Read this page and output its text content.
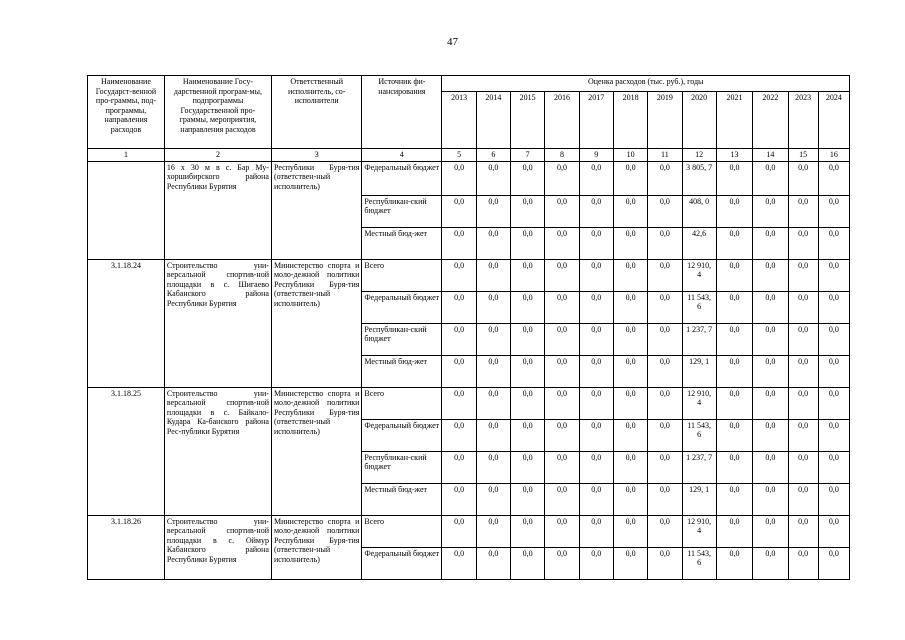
47
Наименование Государст-венной про-граммы, под-программы, направления расходов	Наименование Госу-дарственной програм-мы, подпрограммы Государственной про-граммы, мероприятия, направления расходов	Ответственный исполнитель, со-исполнители	Источник фи-нансирования	Оценка расходов (тыс. руб.), годы											
				2013	2014	2015	2016	2017	2018	2019	2020	2021	2022	2023	2024
1	2	3	4	5	6	7	8	9	10	11	12	13	14	15	16
	16 x 30 м в с. Бар Му-хоршибирского района Республики Бурятия	Республики Буря-тия (ответствен-ный исполнитель)	Федеральный бюджет	0,0	0,0	0,0	0,0	0,0	0,0	0,0	3 805, 7	0,0	0,0	0,0	0,0
			Республикан-ский бюджет	0,0	0,0	0,0	0,0	0,0	0,0	0,0	408, 0	0,0	0,0	0,0	0,0
			Местный бюд-жет	0,0	0,0	0,0	0,0	0,0	0,0	0,0	42,6	0,0	0,0	0,0	0,0
3.1.18.24	Строительство уни-версальной спортив-ной площадки в с. Шигаево Кабанского района Республики Бурятия	Министерство спорта и моло-дежной политики Республики Буря-тия (ответствен-ный исполнитель)	Всего	0,0	0,0	0,0	0,0	0,0	0,0	0,0	12 910, 4	0,0	0,0	0,0	0,0
			Федеральный бюджет	0,0	0,0	0,0	0,0	0,0	0,0	0,0	11 543, 6	0,0	0,0	0,0	0,0
			Республикан-ский бюджет	0,0	0,0	0,0	0,0	0,0	0,0	0,0	1 237, 7	0,0	0,0	0,0	0,0
			Местный бюд-жет	0,0	0,0	0,0	0,0	0,0	0,0	0,0	129, 1	0,0	0,0	0,0	0,0
3.1.18.25	Строительство уни-версальной спортив-ной площадки в с. Байкало-Кудара Ка-банского района Рес-публики Бурятия	Министерство спорта и моло-дежной политики Республики Буря-тия (ответствен-ный исполнитель)	Всего	0,0	0,0	0,0	0,0	0,0	0,0	0,0	12 910, 4	0,0	0,0	0,0	0,0
			Федеральный бюджет	0,0	0,0	0,0	0,0	0,0	0,0	0,0	11 543, 6	0,0	0,0	0,0	0,0
			Республикан-ский бюджет	0,0	0,0	0,0	0,0	0,0	0,0	0,0	1 237, 7	0,0	0,0	0,0	0,0
			Местный бюд-жет	0,0	0,0	0,0	0,0	0,0	0,0	0,0	129, 1	0,0	0,0	0,0	0,0
3.1.18.26	Строительство уни-версальной спортив-ной площадки в с. Оймур Кабанского района Республики Бурятия	Министерство спорта и моло-дежной политики Республики Буря-тия (ответствен-ный исполнитель)	Всего	0,0	0,0	0,0	0,0	0,0	0,0	0,0	12 910, 4	0,0	0,0	0,0	0,0
			Федеральный бюджет	0,0	0,0	0,0	0,0	0,0	0,0	0,0	11 543, 6	0,0	0,0	0,0	0,0
